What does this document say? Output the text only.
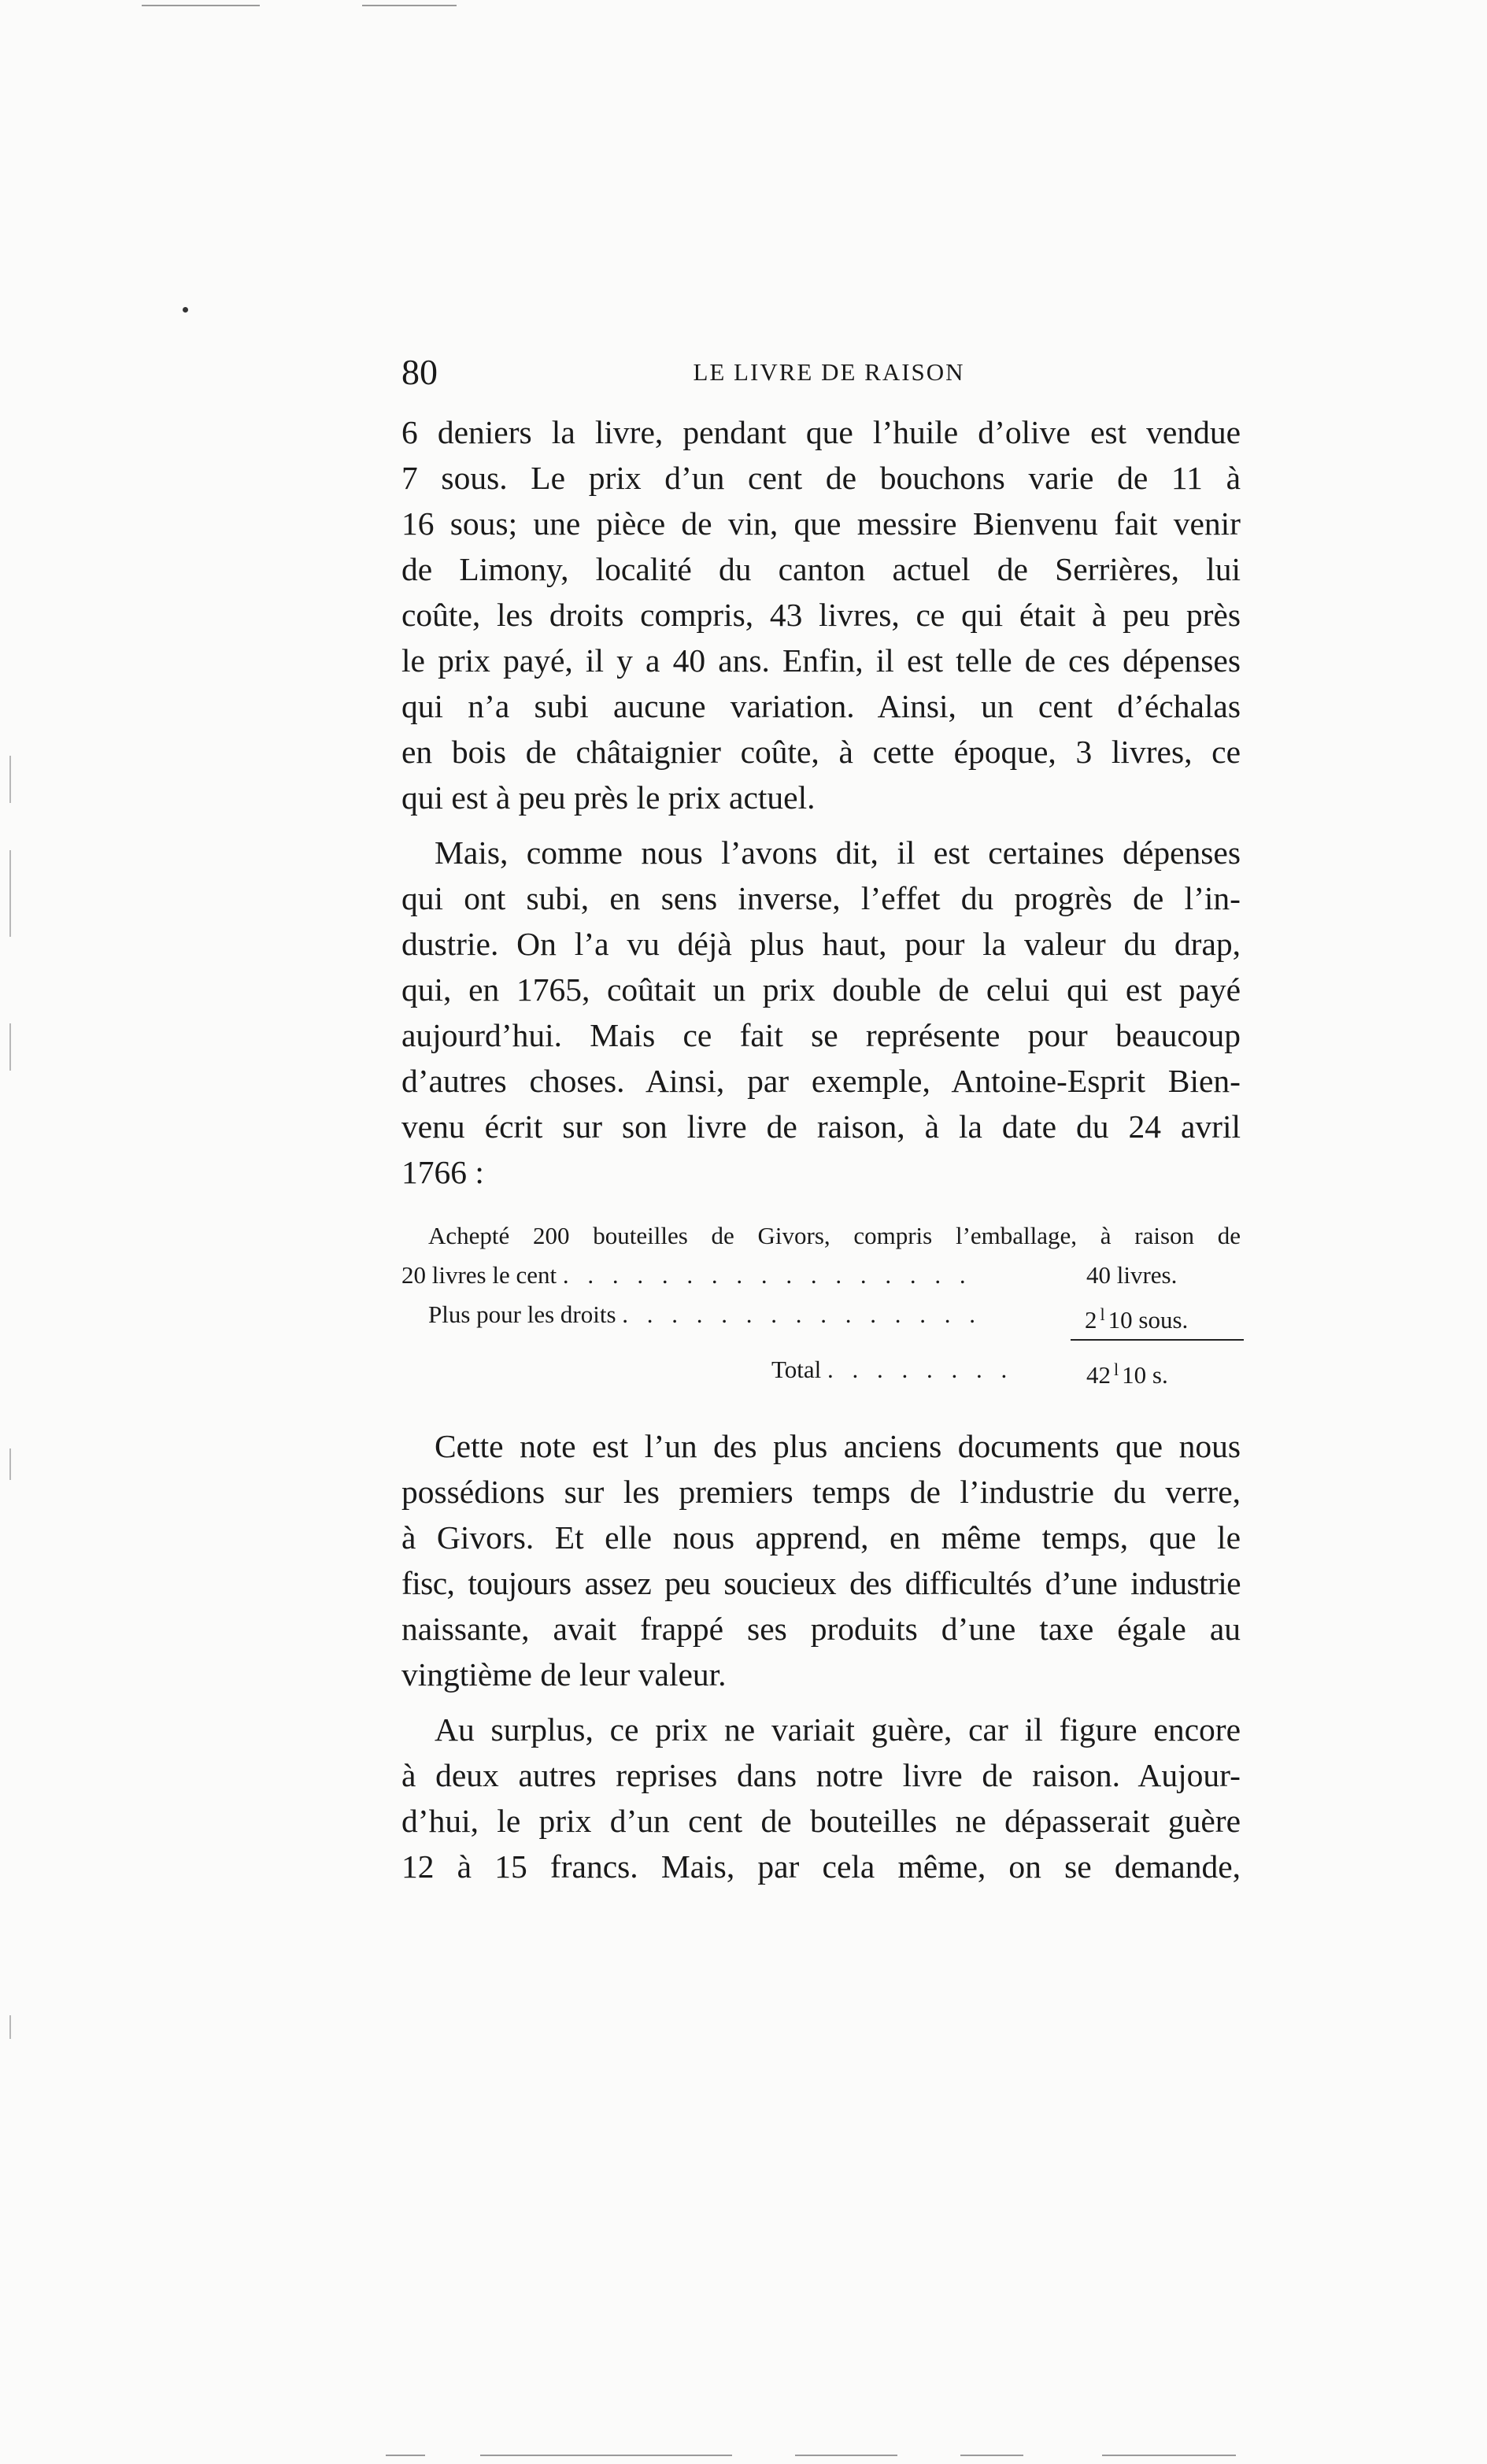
80	LE LIVRE DE RAISON
6 deniers la livre, pendant que l’huile d’olive est vendue
7 sous. Le prix d’un cent de bouchons varie de 11 à
16 sous; une pièce de vin, que messire Bienvenu fait venir
de Limony, localité du canton actuel de Serrières, lui
coûte, les droits compris, 43 livres, ce qui était à peu près
le prix payé, il y a 40 ans. Enfin, il est telle de ces dépenses
qui n’a subi aucune variation. Ainsi, un cent d’échalas
en bois de châtaignier coûte, à cette époque, 3 livres, ce
qui est à peu près le prix actuel.
Mais, comme nous l’avons dit, il est certaines dépenses
qui ont subi, en sens inverse, l’effet du progrès de l’in-
dustrie. On l’a vu déjà plus haut, pour la valeur du drap,
qui, en 1765, coûtait un prix double de celui qui est payé
aujourd’hui. Mais ce fait se représente pour beaucoup
d’autres choses. Ainsi, par exemple, Antoine-Esprit Bien-
venu écrit sur son livre de raison, à la date du 24 avril
1766 :
Achepté 200 bouteilles de Givors, compris l’emballage, à raison de
20 livres le cent . . . . . . . . . . . . . . . . .	40 livres.
Plus pour les droits . . . . . . . . . . . . . . .	2 $^l$ 10 sous.
Total . . . . . . . .	42 $^l$ 10 s.
Cette note est l’un des plus anciens documents que nous
possédions sur les premiers temps de l’industrie du verre,
à Givors. Et elle nous apprend, en même temps, que le
fisc, toujours assez peu soucieux des difficultés d’une industrie
naissante, avait frappé ses produits d’une taxe égale au
vingtième de leur valeur.
Au surplus, ce prix ne variait guère, car il figure encore
à deux autres reprises dans notre livre de raison. Aujour-
d’hui, le prix d’un cent de bouteilles ne dépasserait guère
12 à 15 francs. Mais, par cela même, on se demande,
